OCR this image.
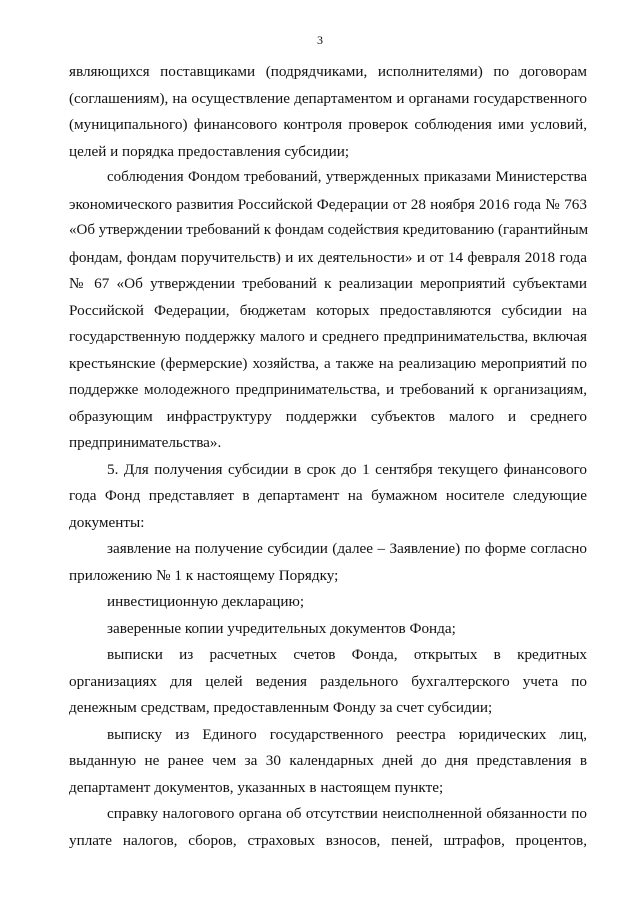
3
являющихся поставщиками (подрядчиками, исполнителями) по договорам
(соглашениям), на осуществление департаментом и органами государственного
(муниципального) финансового контроля проверок соблюдения ими условий,
целей и порядка предоставления субсидии;
соблюдения Фондом требований, утвержденных приказами Министерства
экономического развития Российской Федерации от 28 ноября 2016 года № 763
«Об утверждении требований к фондам содействия кредитованию (гарантийным
фондам, фондам поручительств) и их деятельности» и от 14 февраля 2018 года
№ 67 «Об утверждении требований к реализации мероприятий субъектами
Российской Федерации, бюджетам которых предоставляются субсидии на
государственную поддержку малого и среднего предпринимательства, включая
крестьянские (фермерские) хозяйства, а также на реализацию мероприятий по
поддержке молодежного предпринимательства, и требований к организациям,
образующим инфраструктуру поддержки субъектов малого и среднего
предпринимательства».
5. Для получения субсидии в срок до 1 сентября текущего финансового
года Фонд представляет в департамент на бумажном носителе следующие
документы:
заявление на получение субсидии (далее – Заявление) по форме согласно
приложению № 1 к настоящему Порядку;
инвестиционную декларацию;
заверенные копии учредительных документов Фонда;
выписки из расчетных счетов Фонда, открытых в кредитных
организациях для целей ведения раздельного бухгалтерского учета по
денежным средствам, предоставленным Фонду за счет субсидии;
выписку из Единого государственного реестра юридических лиц,
выданную не ранее чем за 30 календарных дней до дня представления в
департамент документов, указанных в настоящем пункте;
справку налогового органа об отсутствии неисполненной обязанности по
уплате налогов, сборов, страховых взносов, пеней, штрафов, процентов,
